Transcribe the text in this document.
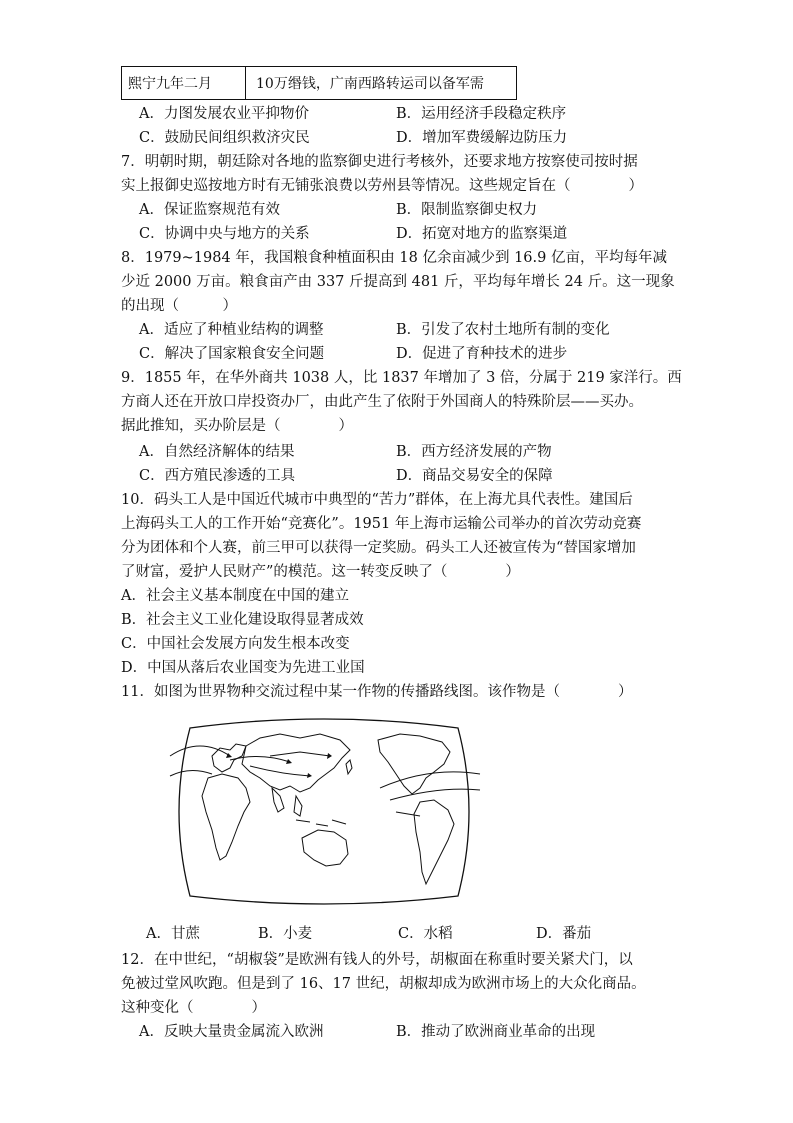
熙宁九年二月	10万缗钱，广南西路转运司以备军需
A．力图发展农业平抑物价	B．运用经济手段稳定秩序
C．鼓励民间组织救济灾民	D．增加军费缓解边防压力
7．明朝时期，朝廷除对各地的监察御史进行考核外，还要求地方按察使司按时据
实上报御史巡按地方时有无铺张浪费以劳州县等情况。这些规定旨在（　　　　）
A．保证监察规范有效	B．限制监察御史权力
C．协调中央与地方的关系	D．拓宽对地方的监察渠道
8．1979~1984 年，我国粮食种植面积由 18 亿余亩减少到 16.9 亿亩，平均每年减
少近 2000 万亩。粮食亩产由 337 斤提高到 481 斤，平均每年增长 24 斤。这一现象
的出现（　　　）
A．适应了种植业结构的调整	B．引发了农村土地所有制的变化
C．解决了国家粮食安全问题	D．促进了育种技术的进步
9．1855 年，在华外商共 1038 人，比 1837 年增加了 3 倍，分属于 219 家洋行。西
方商人还在开放口岸投资办厂，由此产生了依附于外国商人的特殊阶层——买办。
据此推知，买办阶层是（　　　　）
A．自然经济解体的结果	B．西方经济发展的产物
C．西方殖民渗透的工具	D．商品交易安全的保障
10．码头工人是中国近代城市中典型的“苦力”群体，在上海尤具代表性。建国后
上海码头工人的工作开始“竞赛化”。1951 年上海市运输公司举办的首次劳动竞赛
分为团体和个人赛，前三甲可以获得一定奖励。码头工人还被宣传为“替国家增加
了财富，爱护人民财产”的模范。这一转变反映了（　　　　）
A．社会主义基本制度在中国的建立
B．社会主义工业化建设取得显著成效
C．中国社会发展方向发生根本改变
D．中国从落后农业国变为先进工业国
11．如图为世界物种交流过程中某一作物的传播路线图。该作物是（　　　　）
A．甘蔗	B．小麦	C．水稻	D．番茄
12．在中世纪，“胡椒袋”是欧洲有钱人的外号，胡椒面在称重时要关紧犬门，以
免被过堂风吹跑。但是到了 16、17 世纪，胡椒却成为欧洲市场上的大众化商品。
这种变化（　　　　）
A．反映大量贵金属流入欧洲	B．推动了欧洲商业革命的出现
